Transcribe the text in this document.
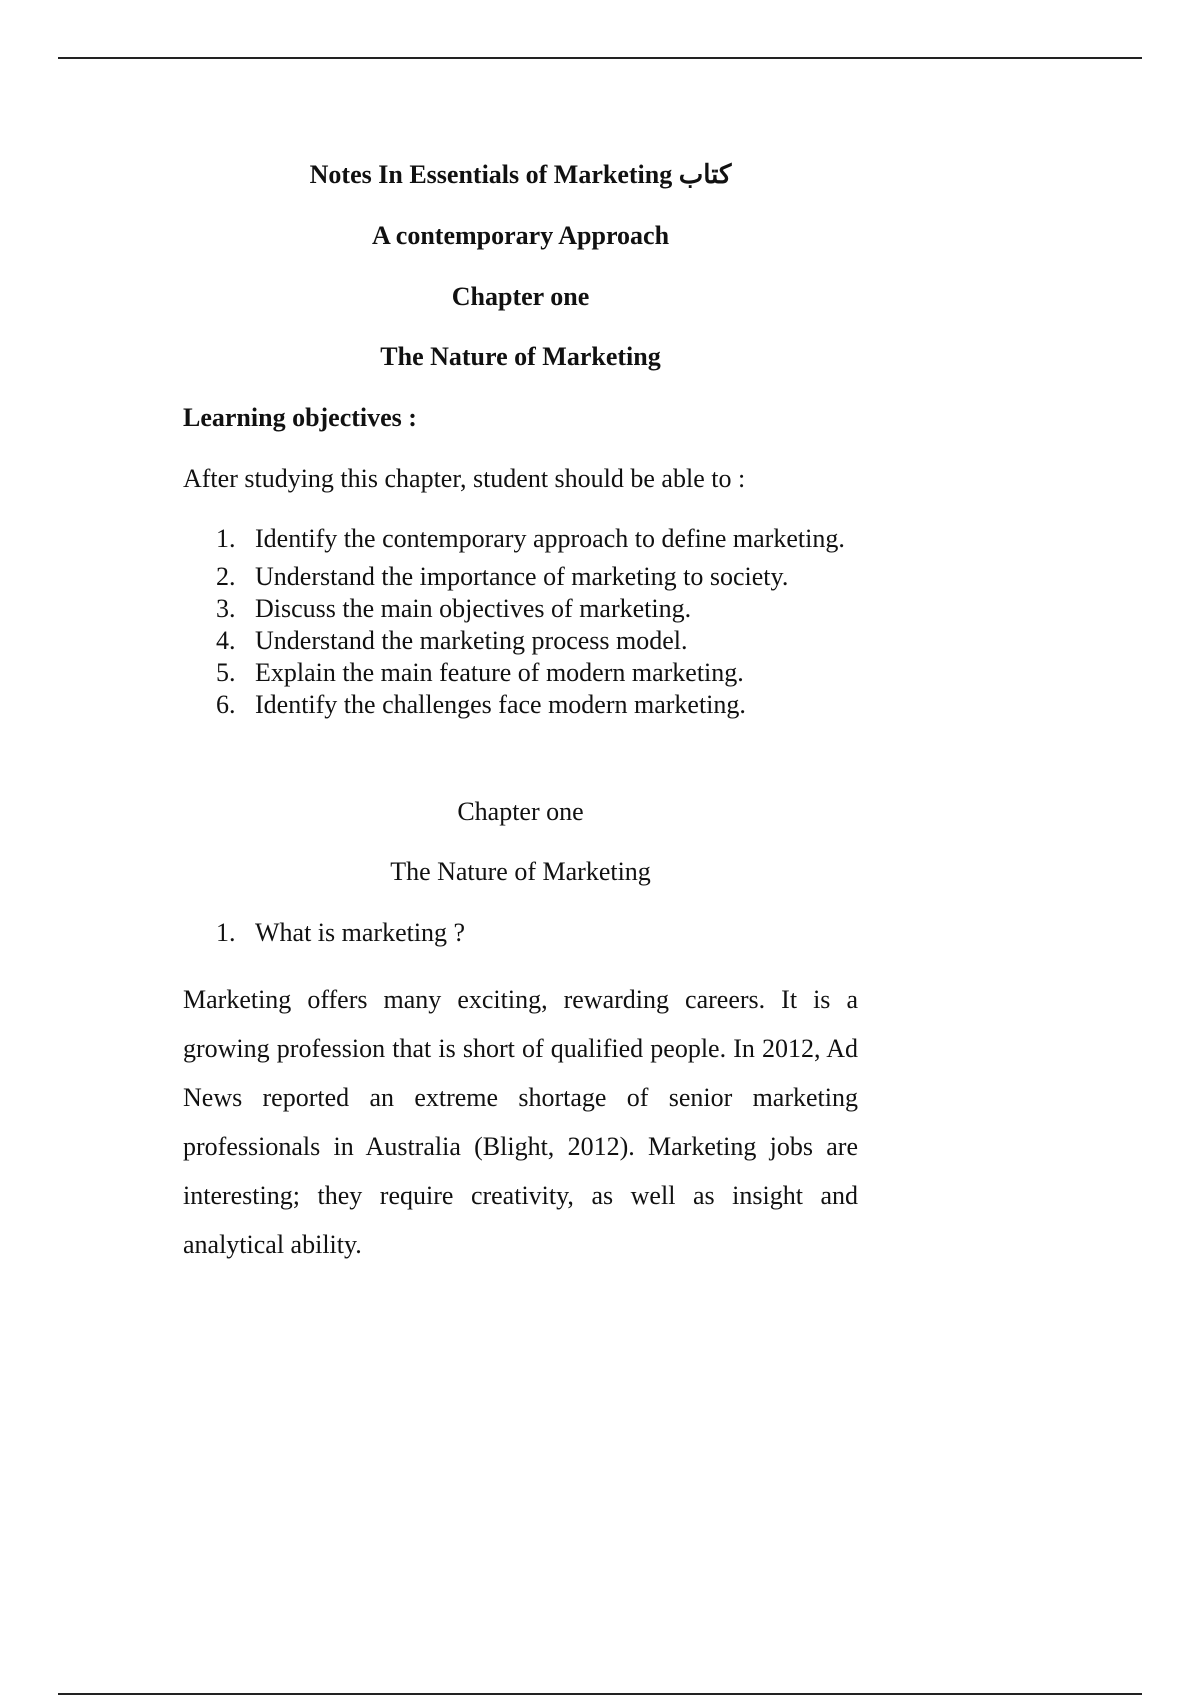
Notes In Essentials of Marketing كتاب
A contemporary Approach
Chapter one
The Nature of Marketing
Learning objectives :
After studying this chapter, student should be able to :
1. Identify the contemporary approach to define marketing.
2. Understand the importance of marketing to society.
3. Discuss the main objectives of marketing.
4. Understand the marketing process model.
5. Explain the main feature of modern marketing.
6. Identify the challenges face modern marketing.
Chapter one
The Nature of Marketing
1. What is marketing ?

Marketing offers many exciting, rewarding careers. It is a growing profession that is short of qualified people. In 2012, Ad News reported an extreme shortage of senior marketing professionals in Australia (Blight, 2012). Marketing jobs are interesting; they require creativity, as well as insight and analytical ability.
